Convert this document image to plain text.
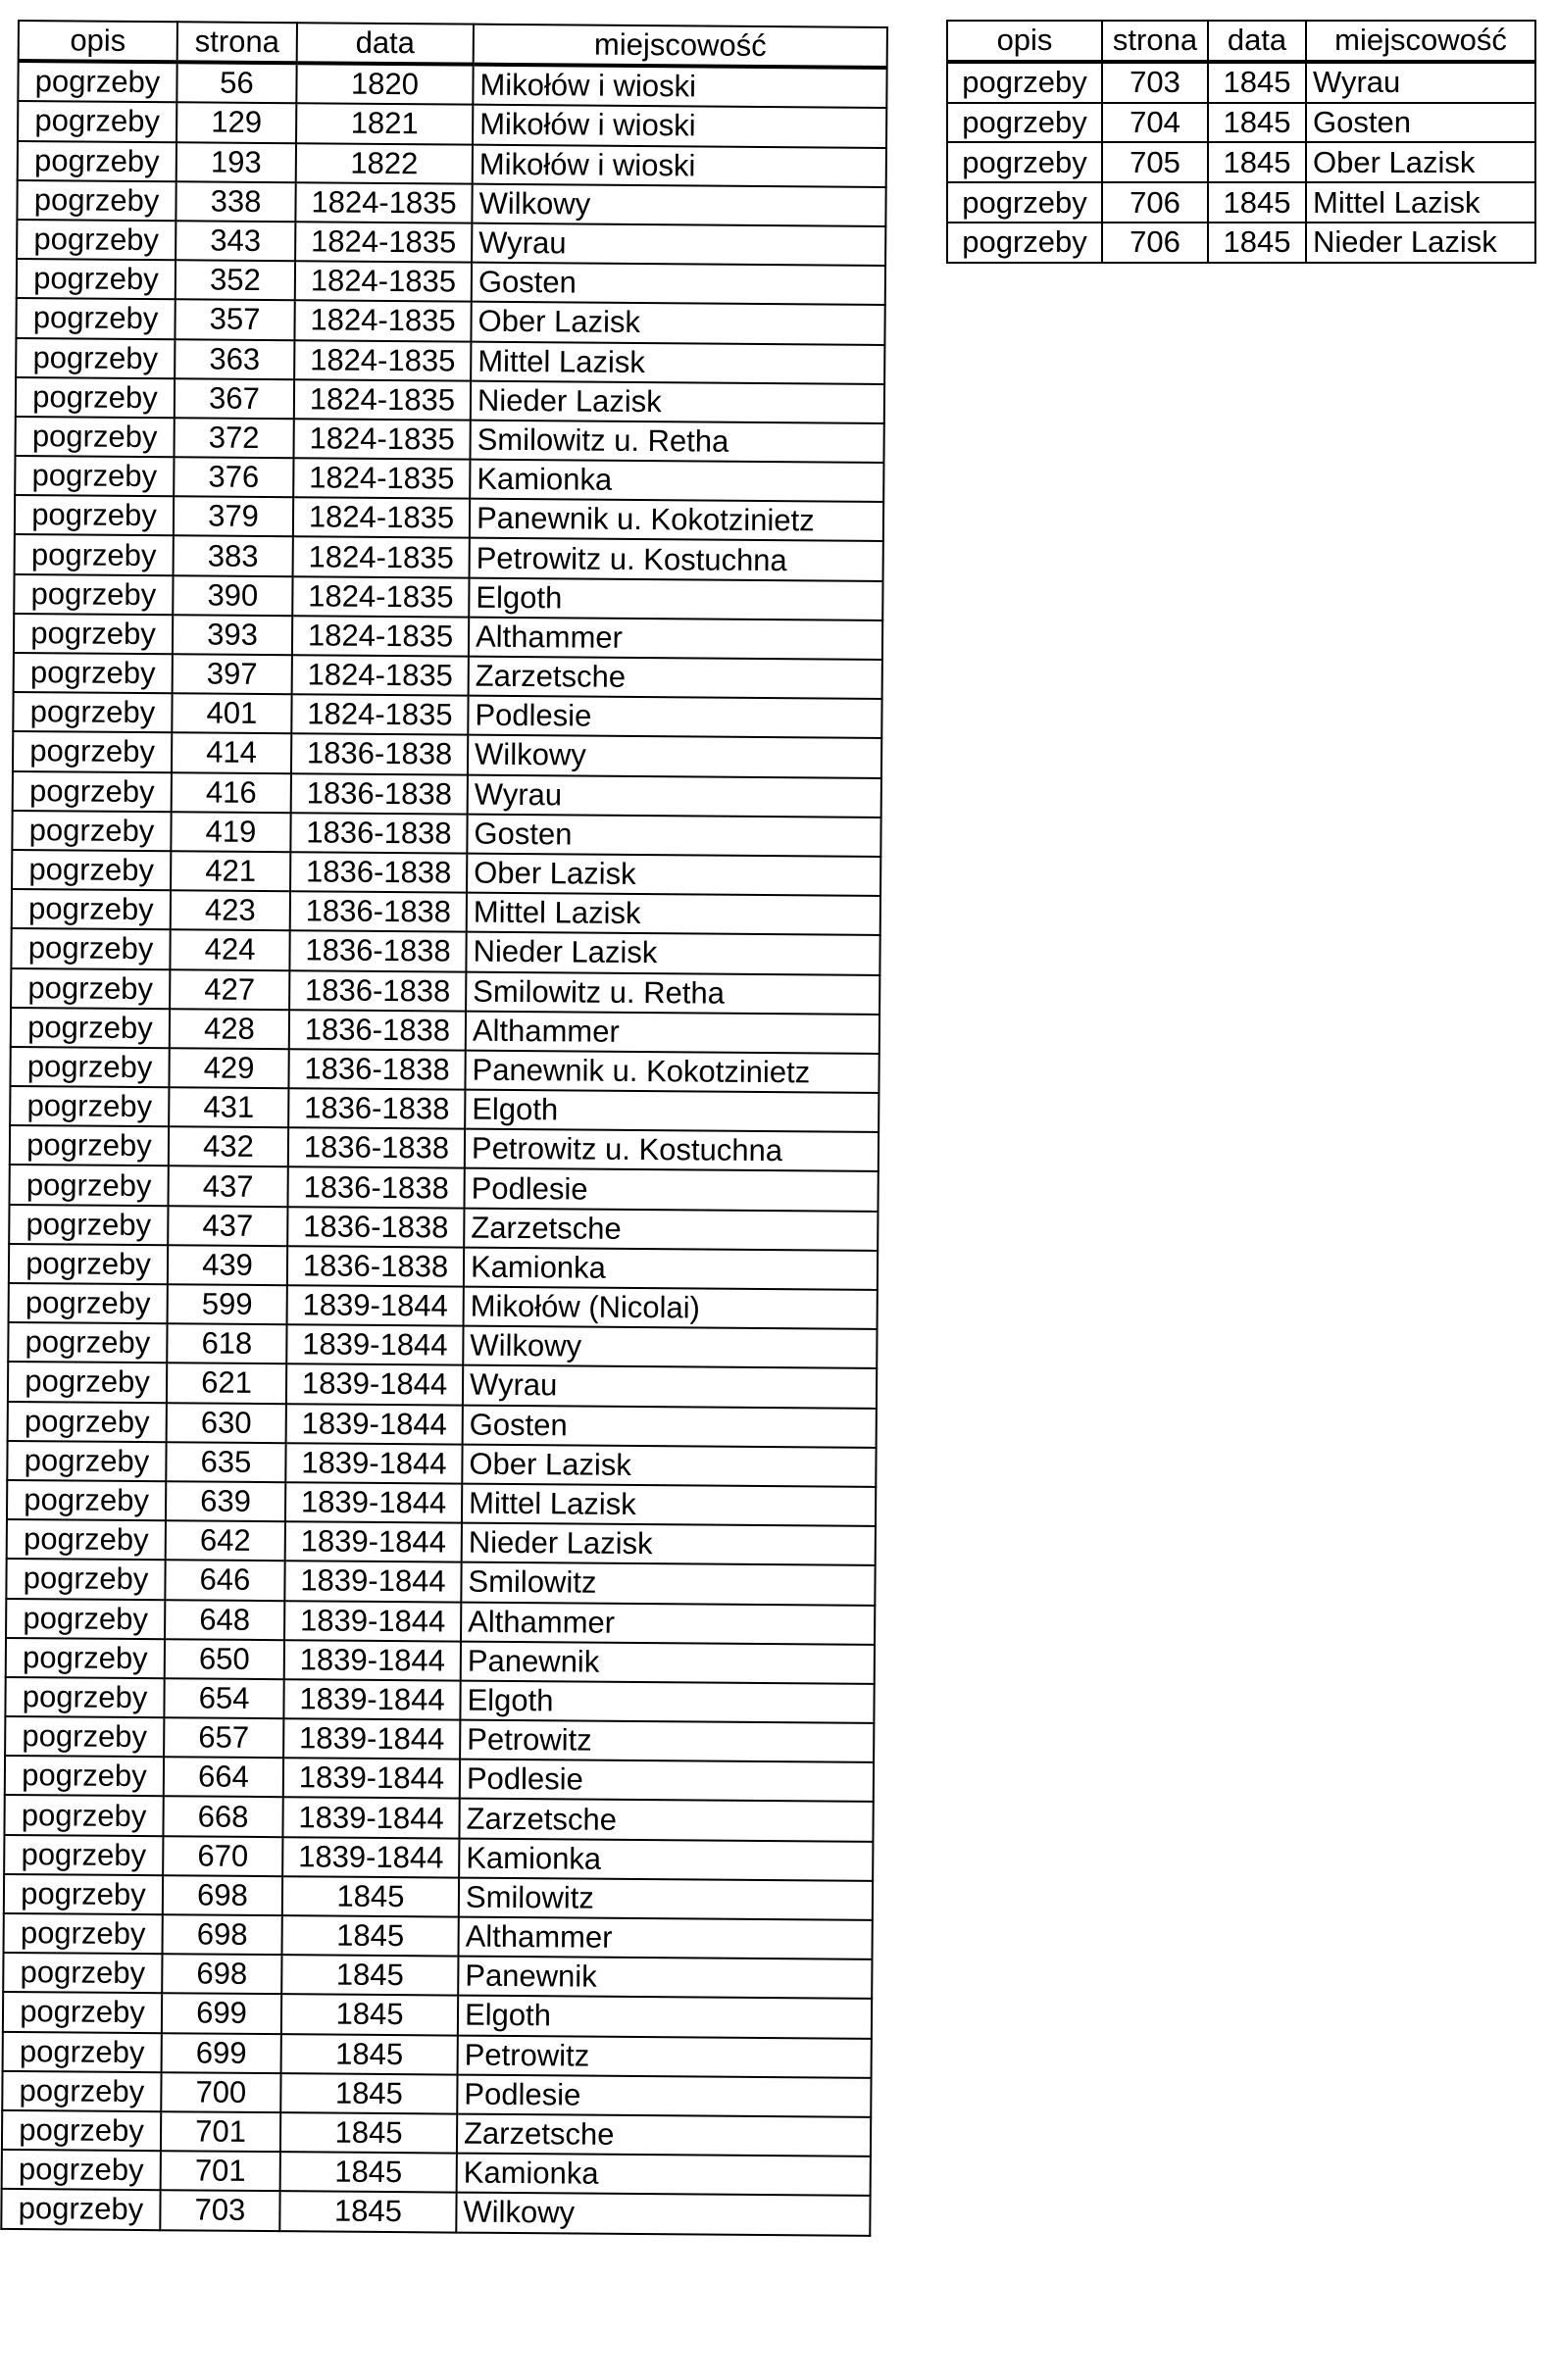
opis	strona	data	miejscowość
pogrzeby	56	1820	Mikołów i wioski
pogrzeby	129	1821	Mikołów i wioski
pogrzeby	193	1822	Mikołów i wioski
pogrzeby	338	1824-1835	Wilkowy
pogrzeby	343	1824-1835	Wyrau
pogrzeby	352	1824-1835	Gosten
pogrzeby	357	1824-1835	Ober Lazisk
pogrzeby	363	1824-1835	Mittel Lazisk
pogrzeby	367	1824-1835	Nieder Lazisk
pogrzeby	372	1824-1835	Smilowitz u. Retha
pogrzeby	376	1824-1835	Kamionka
pogrzeby	379	1824-1835	Panewnik u. Kokotzinietz
pogrzeby	383	1824-1835	Petrowitz u. Kostuchna
pogrzeby	390	1824-1835	Elgoth
pogrzeby	393	1824-1835	Althammer
pogrzeby	397	1824-1835	Zarzetsche
pogrzeby	401	1824-1835	Podlesie
pogrzeby	414	1836-1838	Wilkowy
pogrzeby	416	1836-1838	Wyrau
pogrzeby	419	1836-1838	Gosten
pogrzeby	421	1836-1838	Ober Lazisk
pogrzeby	423	1836-1838	Mittel Lazisk
pogrzeby	424	1836-1838	Nieder Lazisk
pogrzeby	427	1836-1838	Smilowitz u. Retha
pogrzeby	428	1836-1838	Althammer
pogrzeby	429	1836-1838	Panewnik u. Kokotzinietz
pogrzeby	431	1836-1838	Elgoth
pogrzeby	432	1836-1838	Petrowitz u. Kostuchna
pogrzeby	437	1836-1838	Podlesie
pogrzeby	437	1836-1838	Zarzetsche
pogrzeby	439	1836-1838	Kamionka
pogrzeby	599	1839-1844	Mikołów (Nicolai)
pogrzeby	618	1839-1844	Wilkowy
pogrzeby	621	1839-1844	Wyrau
pogrzeby	630	1839-1844	Gosten
pogrzeby	635	1839-1844	Ober Lazisk
pogrzeby	639	1839-1844	Mittel Lazisk
pogrzeby	642	1839-1844	Nieder Lazisk
pogrzeby	646	1839-1844	Smilowitz
pogrzeby	648	1839-1844	Althammer
pogrzeby	650	1839-1844	Panewnik
pogrzeby	654	1839-1844	Elgoth
pogrzeby	657	1839-1844	Petrowitz
pogrzeby	664	1839-1844	Podlesie
pogrzeby	668	1839-1844	Zarzetsche
pogrzeby	670	1839-1844	Kamionka
pogrzeby	698	1845	Smilowitz
pogrzeby	698	1845	Althammer
pogrzeby	698	1845	Panewnik
pogrzeby	699	1845	Elgoth
pogrzeby	699	1845	Petrowitz
pogrzeby	700	1845	Podlesie
pogrzeby	701	1845	Zarzetsche
pogrzeby	701	1845	Kamionka
pogrzeby	703	1845	Wilkowy
opis	strona	data	miejscowość
pogrzeby	703	1845	Wyrau
pogrzeby	704	1845	Gosten
pogrzeby	705	1845	Ober Lazisk
pogrzeby	706	1845	Mittel Lazisk
pogrzeby	706	1845	Nieder Lazisk
